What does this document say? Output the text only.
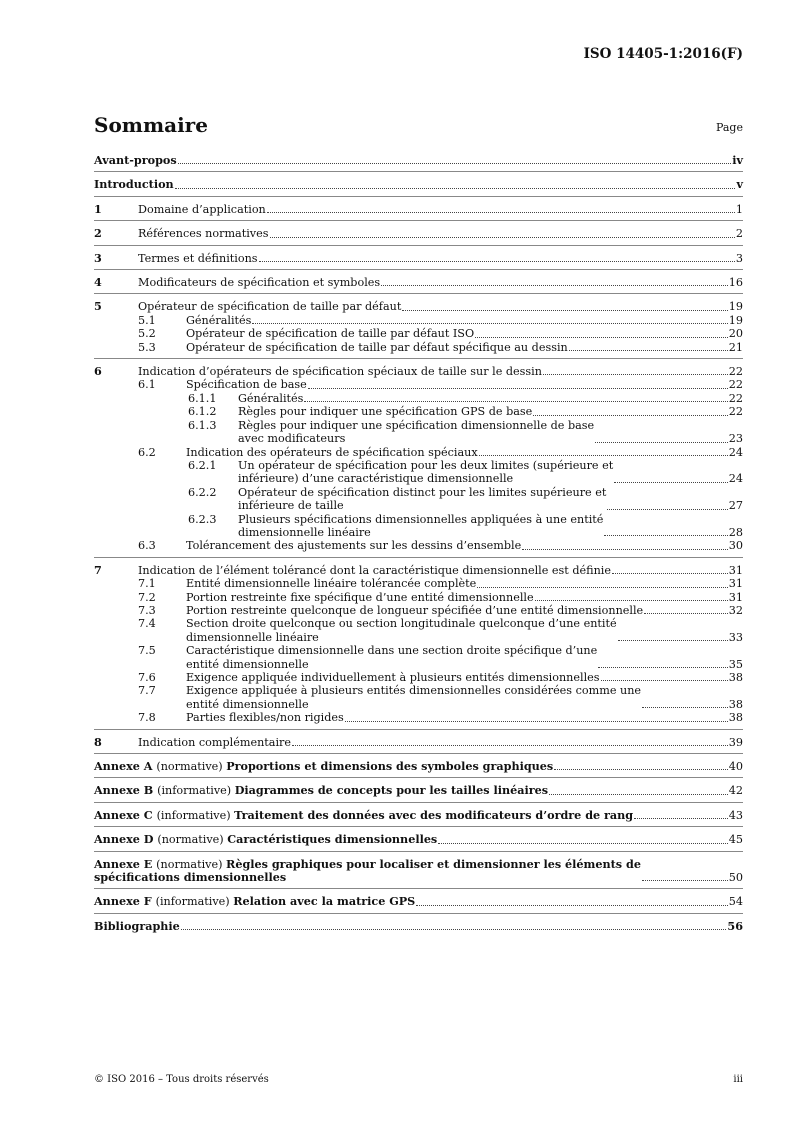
ISO 14405-1:2016(F)
Sommaire	Page
Avant-propos	iv
Introduction	v
1	Domaine d’application	1
2	Références normatives	2
3	Termes et définitions	3
4	Modificateurs de spécification et symboles	16
5	Opérateur de spécification de taille par défaut	19
5.1	Généralités	19
5.2	Opérateur de spécification de taille par défaut ISO	20
5.3	Opérateur de spécification de taille par défaut spécifique au dessin	21
6	Indication d’opérateurs de spécification spéciaux de taille sur le dessin	22
6.1	Spécification de base	22
6.1.1 Généralités	22
6.1.2 Règles pour indiquer une spécification GPS de base	22
6.1.3 Règles pour indiquer une spécification dimensionnelle de base
avec modificateurs	23
6.2	Indication des opérateurs de spécification spéciaux	24
6.2.1 Un opérateur de spécification pour les deux limites (supérieure et
inférieure) d’une caractéristique dimensionnelle	24
6.2.2 Opérateur de spécification distinct pour les limites supérieure et
inférieure de taille	27
6.2.3 Plusieurs spécifications dimensionnelles appliquées à une entité
dimensionnelle linéaire	28
6.3	Tolérancement des ajustements sur les dessins d’ensemble	30
7	Indication de l’élément tolérancé dont la caractéristique dimensionnelle est définie	31
7.1	Entité dimensionnelle linéaire tolérancée complète	31
7.2	Portion restreinte fixe spécifique d’une entité dimensionnelle	31
7.3	Portion restreinte quelconque de longueur spécifiée d’une entité dimensionnelle	32
7.4	Section droite quelconque ou section longitudinale quelconque d’une entité
dimensionnelle linéaire	33
7.5	Caractéristique dimensionnelle dans une section droite spécifique d’une
entité dimensionnelle	35
7.6	Exigence appliquée individuellement à plusieurs entités dimensionnelles	38
7.7	Exigence appliquée à plusieurs entités dimensionnelles considérées comme une
entité dimensionnelle	38
7.8	Parties flexibles/non rigides	38
8	Indication complémentaire	39
Annexe A (normative) Proportions et dimensions des symboles graphiques	40
Annexe B (informative) Diagrammes de concepts pour les tailles linéaires	42
Annexe C (informative) Traitement des données avec des modificateurs d’ordre de rang	43
Annexe D (normative) Caractéristiques dimensionnelles	45
Annexe E (normative) Règles graphiques pour localiser et dimensionner les éléments de
spécifications dimensionnelles	50
Annexe F (informative) Relation avec la matrice GPS	54
Bibliographie	56
© ISO 2016 – Tous droits réservés	iii
